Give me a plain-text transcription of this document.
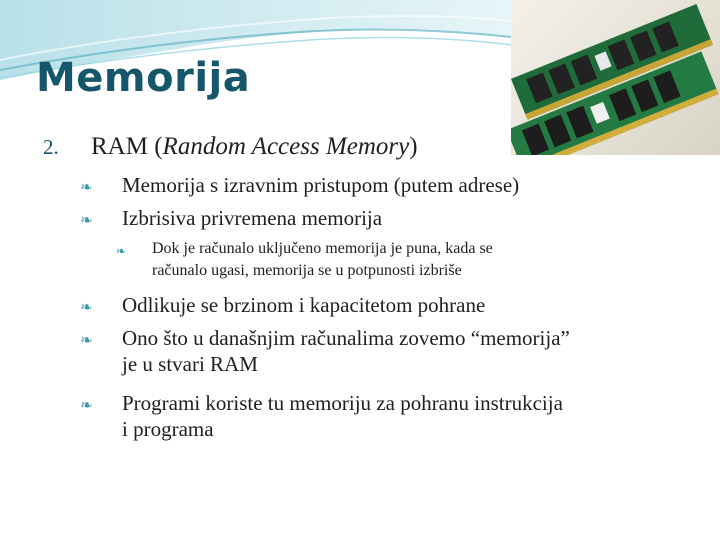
Memorija
2. RAM (Random Access Memory)
❧ Memorija s izravnim pristupom (putem adrese)
❧ Izbrisiva privremena memorija
❧ Dok je računalo uključeno memorija je puna, kada se
računalo ugasi, memorija se u potpunosti izbriše
❧ Odlikuje se brzinom i kapacitetom pohrane
❧ Ono što u današnjim računalima zovemo “memorija”
je u stvari RAM
❧ Programi koriste tu memoriju za pohranu instrukcija
i programa
